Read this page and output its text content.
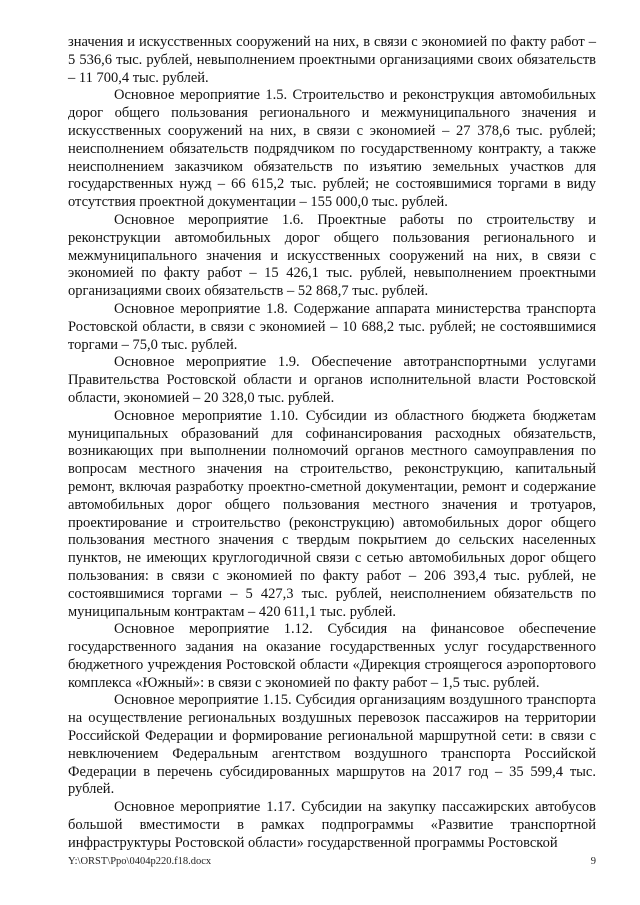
значения и искусственных сооружений на них, в связи с экономией по факту работ – 5 536,6 тыс. рублей, невыполнением проектными организациями своих обязательств – 11 700,4 тыс. рублей.

Основное мероприятие 1.5. Строительство и реконструкция автомобильных дорог общего пользования регионального и межмуниципального значения и искусственных сооружений на них, в связи с экономией – 27 378,6 тыс. рублей; неисполнением обязательств подрядчиком по государственному контракту, а также неисполнением заказчиком обязательств по изъятию земельных участков для государственных нужд – 66 615,2 тыс. рублей; не состоявшимися торгами в виду отсутствия проектной документации – 155 000,0 тыс. рублей.

Основное мероприятие 1.6. Проектные работы по строительству и реконструкции автомобильных дорог общего пользования регионального и межмуниципального значения и искусственных сооружений на них, в связи с экономией по факту работ – 15 426,1 тыс. рублей, невыполнением проектными организациями своих обязательств – 52 868,7 тыс. рублей.

Основное мероприятие 1.8. Содержание аппарата министерства транспорта Ростовской области, в связи с экономией – 10 688,2 тыс. рублей; не состоявшимися торгами – 75,0 тыс. рублей.

Основное мероприятие 1.9. Обеспечение автотранспортными услугами Правительства Ростовской области и органов исполнительной власти Ростовской области, экономией – 20 328,0 тыс. рублей.

Основное мероприятие 1.10. Субсидии из областного бюджета бюджетам муниципальных образований для софинансирования расходных обязательств, возникающих при выполнении полномочий органов местного самоуправления по вопросам местного значения на строительство, реконструкцию, капитальный ремонт, включая разработку проектно-сметной документации, ремонт и содержание автомобильных дорог общего пользования местного значения и тротуаров, проектирование и строительство (реконструкцию) автомобильных дорог общего пользования местного значения с твердым покрытием до сельских населенных пунктов, не имеющих круглогодичной связи с сетью автомобильных дорог общего пользования: в связи с экономией по факту работ – 206 393,4 тыс. рублей, не состоявшимися торгами – 5 427,3 тыс. рублей, неисполнением обязательств по муниципальным контрактам – 420 611,1 тыс. рублей.

Основное мероприятие 1.12. Субсидия на финансовое обеспечение государственного задания на оказание государственных услуг государственного бюджетного учреждения Ростовской области «Дирекция строящегося аэропортового комплекса «Южный»: в связи с экономией по факту работ – 1,5 тыс. рублей.

Основное мероприятие 1.15. Субсидия организациям воздушного транспорта на осуществление региональных воздушных перевозок пассажиров на территории Российской Федерации и формирование региональной маршрутной сети: в связи с невключением Федеральным агентством воздушного транспорта Российской Федерации в перечень субсидированных маршрутов на 2017 год – 35 599,4 тыс. рублей.

Основное мероприятие 1.17. Субсидии на закупку пассажирских автобусов большой вместимости в рамках подпрограммы «Развитие транспортной инфраструктуры Ростовской области» государственной программы Ростовской

Y:\ORST\Ppo\0404p220.f18.docx	9
